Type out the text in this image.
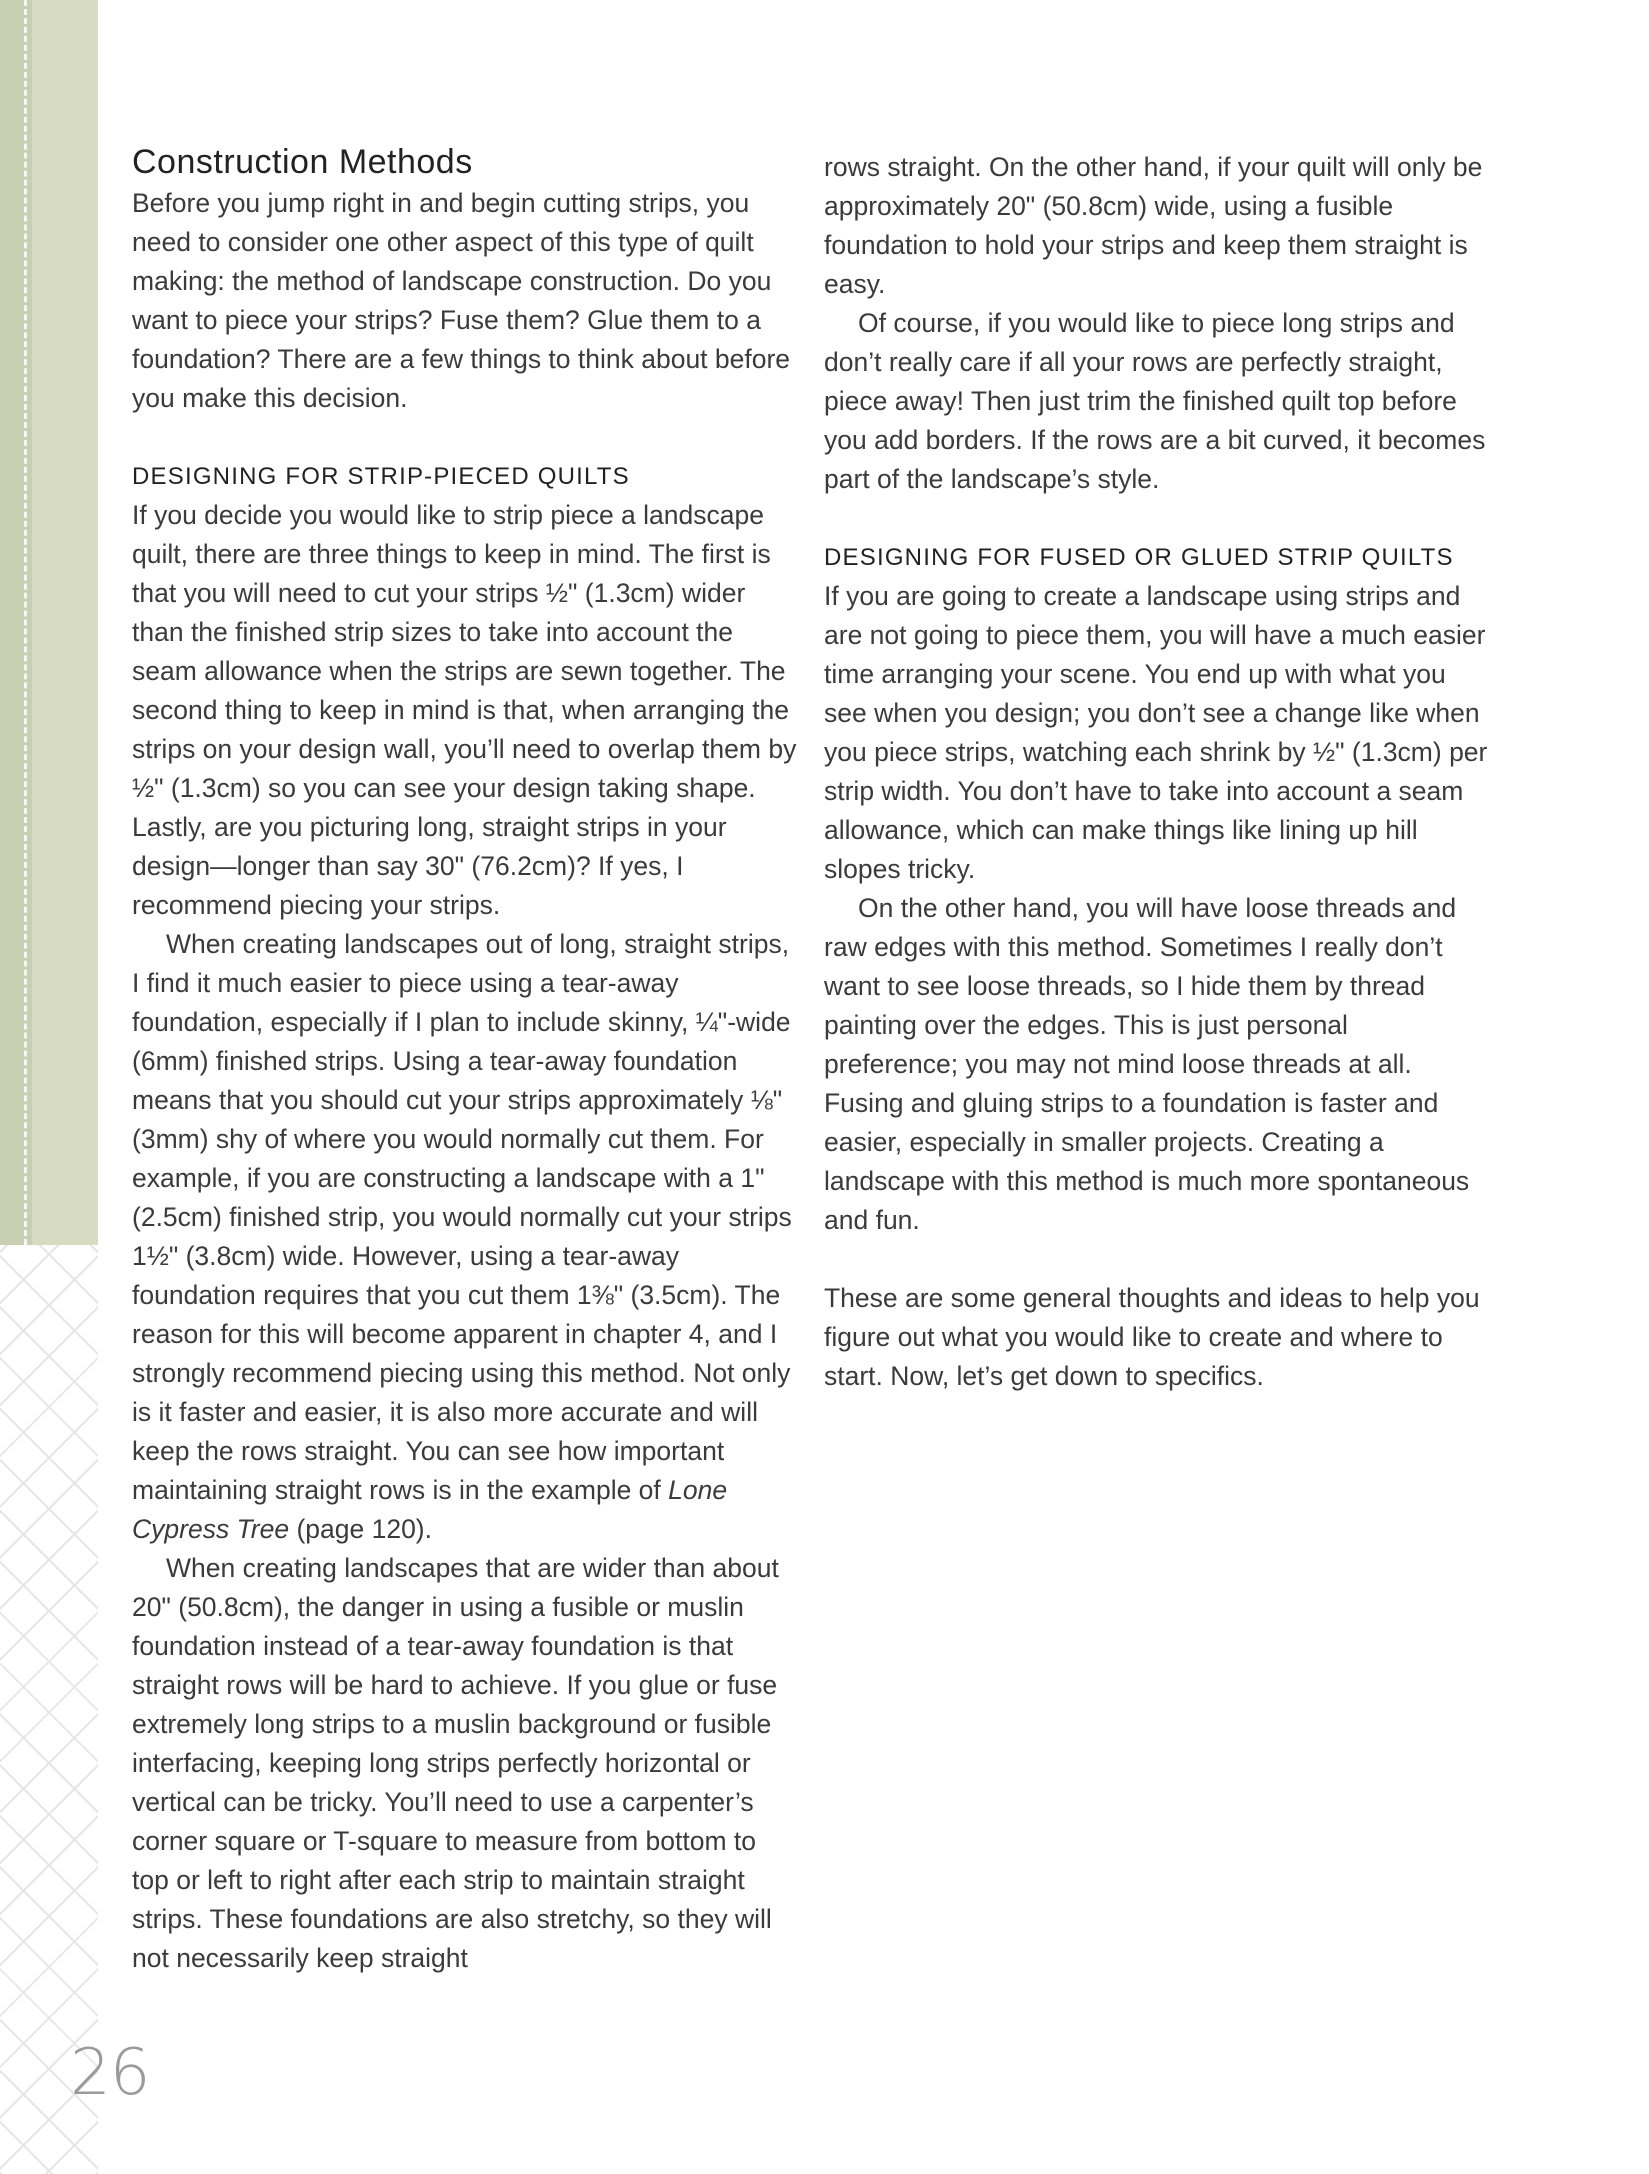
Construction Methods

Before you jump right in and begin cutting strips, you need to consider one other aspect of this type of quilt making: the method of landscape construction. Do you want to piece your strips? Fuse them? Glue them to a foundation? There are a few things to think about before you make this decision.

DESIGNING FOR STRIP-PIECED QUILTS

If you decide you would like to strip piece a landscape quilt, there are three things to keep in mind. The first is that you will need to cut your strips ½" (1.3cm) wider than the finished strip sizes to take into account the seam allowance when the strips are sewn together. The second thing to keep in mind is that, when arranging the strips on your design wall, you’ll need to overlap them by ½" (1.3cm) so you can see your design taking shape. Lastly, are you picturing long, straight strips in your design—longer than say 30" (76.2cm)? If yes, I recommend piecing your strips.

When creating landscapes out of long, straight strips, I find it much easier to piece using a tear-away foundation, especially if I plan to include skinny, ¼"-wide (6mm) finished strips. Using a tear-away foundation means that you should cut your strips approximately ⅛" (3mm) shy of where you would normally cut them. For example, if you are constructing a landscape with a 1" (2.5cm) finished strip, you would normally cut your strips 1½" (3.8cm) wide. However, using a tear-away foundation requires that you cut them 1⅜" (3.5cm). The reason for this will become apparent in chapter 4, and I strongly recommend piecing using this method. Not only is it faster and easier, it is also more accurate and will keep the rows straight. You can see how important maintaining straight rows is in the example of Lone Cypress Tree (page 120).

When creating landscapes that are wider than about 20" (50.8cm), the danger in using a fusible or muslin foundation instead of a tear-away foundation is that straight rows will be hard to achieve. If you glue or fuse extremely long strips to a muslin background or fusible interfacing, keeping long strips perfectly horizontal or vertical can be tricky. You’ll need to use a carpenter’s corner square or T-square to measure from bottom to top or left to right after each strip to maintain straight strips. These foundations are also stretchy, so they will not necessarily keep straight

rows straight. On the other hand, if your quilt will only be approximately 20" (50.8cm) wide, using a fusible foundation to hold your strips and keep them straight is easy.

Of course, if you would like to piece long strips and don’t really care if all your rows are perfectly straight, piece away! Then just trim the finished quilt top before you add borders. If the rows are a bit curved, it becomes part of the landscape’s style.

DESIGNING FOR FUSED OR GLUED STRIP QUILTS

If you are going to create a landscape using strips and are not going to piece them, you will have a much easier time arranging your scene. You end up with what you see when you design; you don’t see a change like when you piece strips, watching each shrink by ½" (1.3cm) per strip width. You don’t have to take into account a seam allowance, which can make things like lining up hill slopes tricky.

On the other hand, you will have loose threads and raw edges with this method. Sometimes I really don’t want to see loose threads, so I hide them by thread painting over the edges. This is just personal preference; you may not mind loose threads at all. Fusing and gluing strips to a foundation is faster and easier, especially in smaller projects. Creating a landscape with this method is much more spontaneous and fun.

These are some general thoughts and ideas to help you figure out what you would like to create and where to start. Now, let’s get down to specifics.

26
